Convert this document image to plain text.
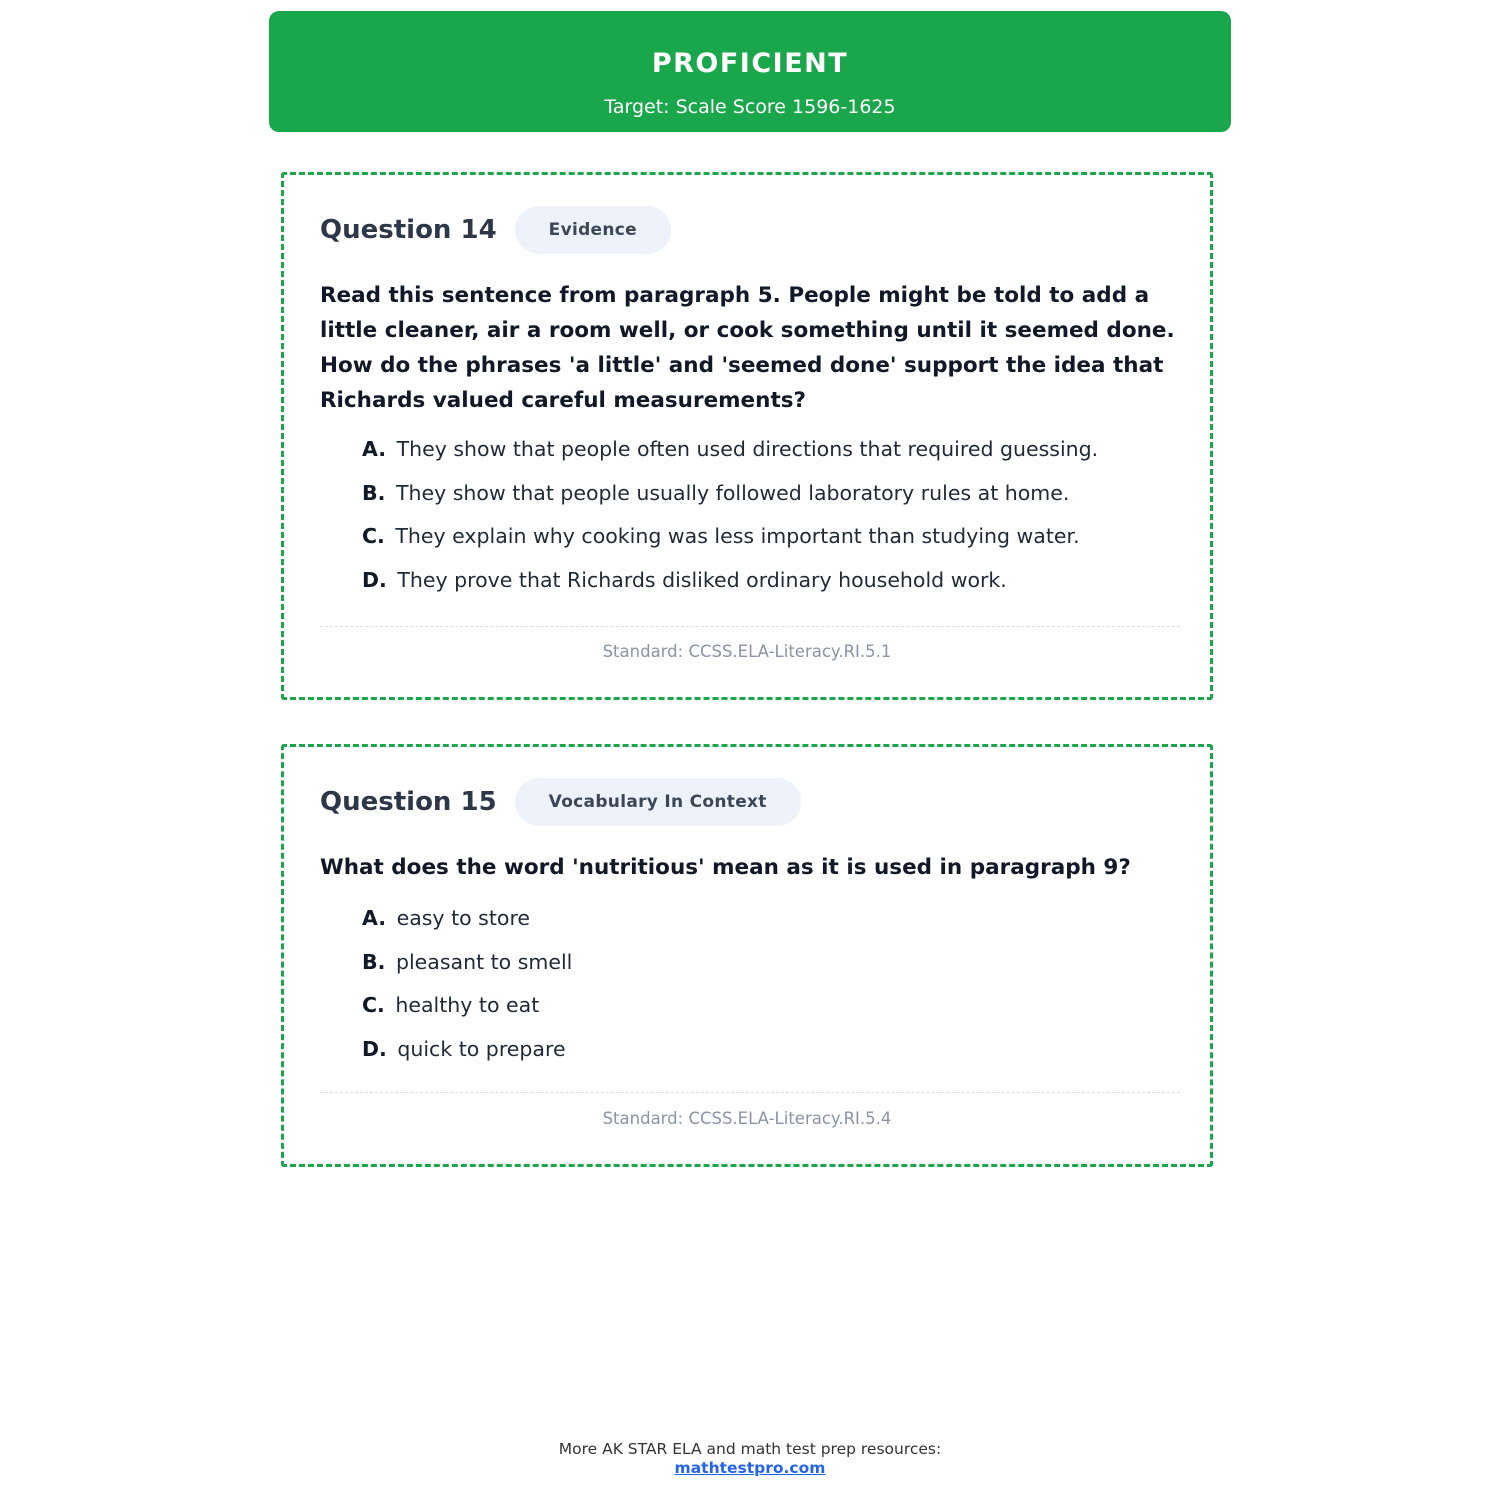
PROFICIENT
Target: Scale Score 1596-1625
Question 14	Evidence

Read this sentence from paragraph 5. People might be told to add a little cleaner, air a room well, or cook something until it seemed done. How do the phrases 'a little' and 'seemed done' support the idea that Richards valued careful measurements?

A. They show that people often used directions that required guessing.
B. They show that people usually followed laboratory rules at home.
C. They explain why cooking was less important than studying water.
D. They prove that Richards disliked ordinary household work.
Standard: CCSS.ELA-Literacy.RI.5.1
Question 15	Vocabulary In Context

What does the word 'nutritious' mean as it is used in paragraph 9?

A. easy to store
B. pleasant to smell
C. healthy to eat
D. quick to prepare
Standard: CCSS.ELA-Literacy.RI.5.4
More AK STAR ELA and math test prep resources:
mathtestpro.com
